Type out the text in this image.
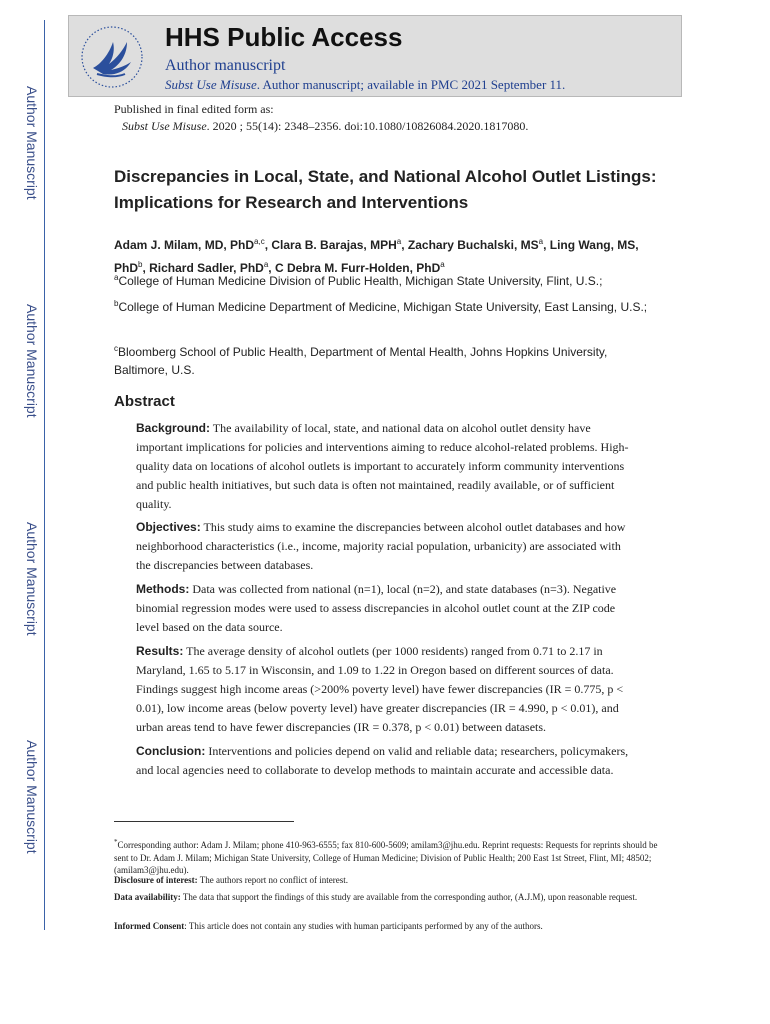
Author Manuscript
Author Manuscript
Author Manuscript
Author Manuscript
HHS Public Access
Author manuscript
Subst Use Misuse. Author manuscript; available in PMC 2021 September 11.
Published in final edited form as:
Subst Use Misuse. 2020 ; 55(14): 2348–2356. doi:10.1080/10826084.2020.1817080.
Discrepancies in Local, State, and National Alcohol Outlet Listings: Implications for Research and Interventions
Adam J. Milam, MD, PhD$^{a,c}$, Clara B. Barajas, MPH$^a$, Zachary Buchalski, $MS^a$, Ling Wang, MS, PhD$^b$, Richard Sadler, PhD$^a$, C Debra M. Furr-Holden, PhD$^a$
$^a$College of Human Medicine Division of Public Health, Michigan State University, Flint, U.S.;
$^b$College of Human Medicine Department of Medicine, Michigan State University, East Lansing, U.S.;
$^c$Bloomberg School of Public Health, Department of Mental Health, Johns Hopkins University, Baltimore, U.S.
Abstract
Background: The availability of local, state, and national data on alcohol outlet density have important implications for policies and interventions aiming to reduce alcohol-related problems. High-quality data on locations of alcohol outlets is important to accurately inform community interventions and public health initiatives, but such data is often not maintained, readily available, or of sufficient quality.
Objectives: This study aims to examine the discrepancies between alcohol outlet databases and how neighborhood characteristics (i.e., income, majority racial population, urbanicity) are associated with the discrepancies between databases.
Methods: Data was collected from national (n=1), local (n=2), and state databases (n=3). Negative binomial regression modes were used to assess discrepancies in alcohol outlet count at the ZIP code level based on the data source.
Results: The average density of alcohol outlets (per 1000 residents) ranged from 0.71 to 2.17 in Maryland, 1.65 to 5.17 in Wisconsin, and 1.09 to 1.22 in Oregon based on different sources of data. Findings suggest high income areas (>200% poverty level) have fewer discrepancies (IR = 0.775, p < 0.01), low income areas (below poverty level) have greater discrepancies (IR = 4.990, p < 0.01), and urban areas tend to have fewer discrepancies (IR = 0.378, p < 0.01) between datasets.
Conclusion: Interventions and policies depend on valid and reliable data; researchers, policymakers, and local agencies need to collaborate to develop methods to maintain accurate and accessible data.
*Corresponding author: Adam J. Milam; phone 410-963-6555; fax 810-600-5609; amilam3@jhu.edu. Reprint requests: Requests for reprints should be sent to Dr. Adam J. Milam; Michigan State University, College of Human Medicine; Division of Public Health; 200 East 1st Street, Flint, MI; 48502; (amilam3@jhu.edu).
Disclosure of interest: The authors report no conflict of interest.
Data availability: The data that support the findings of this study are available from the corresponding author, (A.J.M), upon reasonable request.
Informed Consent: This article does not contain any studies with human participants performed by any of the authors.
